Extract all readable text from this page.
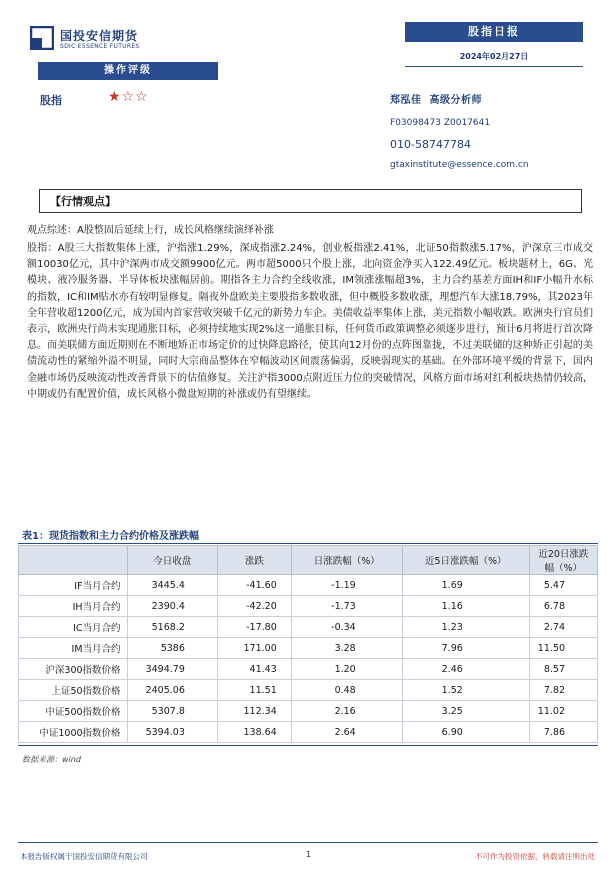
国投安信期货
SDIC ESSENCE FUTURES
股指日报
2024年02月27日
操作评级
股指	★☆☆	郑泓佳 高级分析师
F03098473 Z0017641
010-58747784
gtaxinstitute@essence.com.cn
【行情观点】
观点综述：A股整固后延续上行，成长风格继续演绎补涨
股指：A股三大指数集体上涨，沪指涨1.29%，深成指涨2.24%，创业板指涨2.41%，北证50指数涨5.17%，沪深京三市成交额10030亿元，其中沪深两市成交额9900亿元。两市超5000只个股上涨，北向资金净买入122.49亿元。板块题材上，6G、光模块、液冷服务器、半导体板块涨幅居前。期指各主力合约全线收涨，IM领涨涨幅超3%，主力合约基差方面IH和IF小幅升水标的指数，IC和IM贴水亦有较明显修复。隔夜外盘欧美主要股指多数收涨，但中概股多数收涨，理想汽车大涨18.79%，其2023年全年营收超1200亿元，成为国内首家营收突破千亿元的新势力车企。美债收益率集体上涨，美元指数小幅收跌。欧洲央行官员们表示，欧洲央行尚未实现通胀目标，必须持续地实现2%这一通胀目标，任何货币政策调整必须逐步进行，预计6月将进行首次降息。而美联储方面近期则在不断地矫正市场定价的过快降息路径，使其向12月份的点阵图靠拢，不过美联储的这种矫正引起的美债流动性的紧缩外溢不明显，同时大宗商品整体在窄幅波动区间震荡偏弱，反映弱现实的基础。在外部环境平缓的背景下，国内金融市场仍反映流动性改善背景下的估值修复。关注沪指3000点附近压力位的突破情况，风格方面市场对红利板块热情仍较高，中期或仍有配置价值，成长风格小微盘短期的补涨或仍有望继续。
表1：现货指数和主力合约价格及涨跌幅
	今日收盘	涨跌	日涨跌幅（%）	近5日涨跌幅（%）	近20日涨跌幅（%）
IF当月合约	3445.4	-41.60	-1.19	1.69	5.47
IH当月合约	2390.4	-42.20	-1.73	1.16	6.78
IC当月合约	5168.2	-17.80	-0.34	1.23	2.74
IM当月合约	5386	171.00	3.28	7.96	11.50
沪深300指数价格	3494.79	41.43	1.20	2.46	8.57
上证50指数价格	2405.06	11.51	0.48	1.52	7.82
中证500指数价格	5307.8	112.34	2.16	3.25	11.02
中证1000指数价格	5394.03	138.64	2.64	6.90	7.86
数据来源：wind
本报告版权属于国投安信期货有限公司	1	不可作为投资依据，转载请注明出处
